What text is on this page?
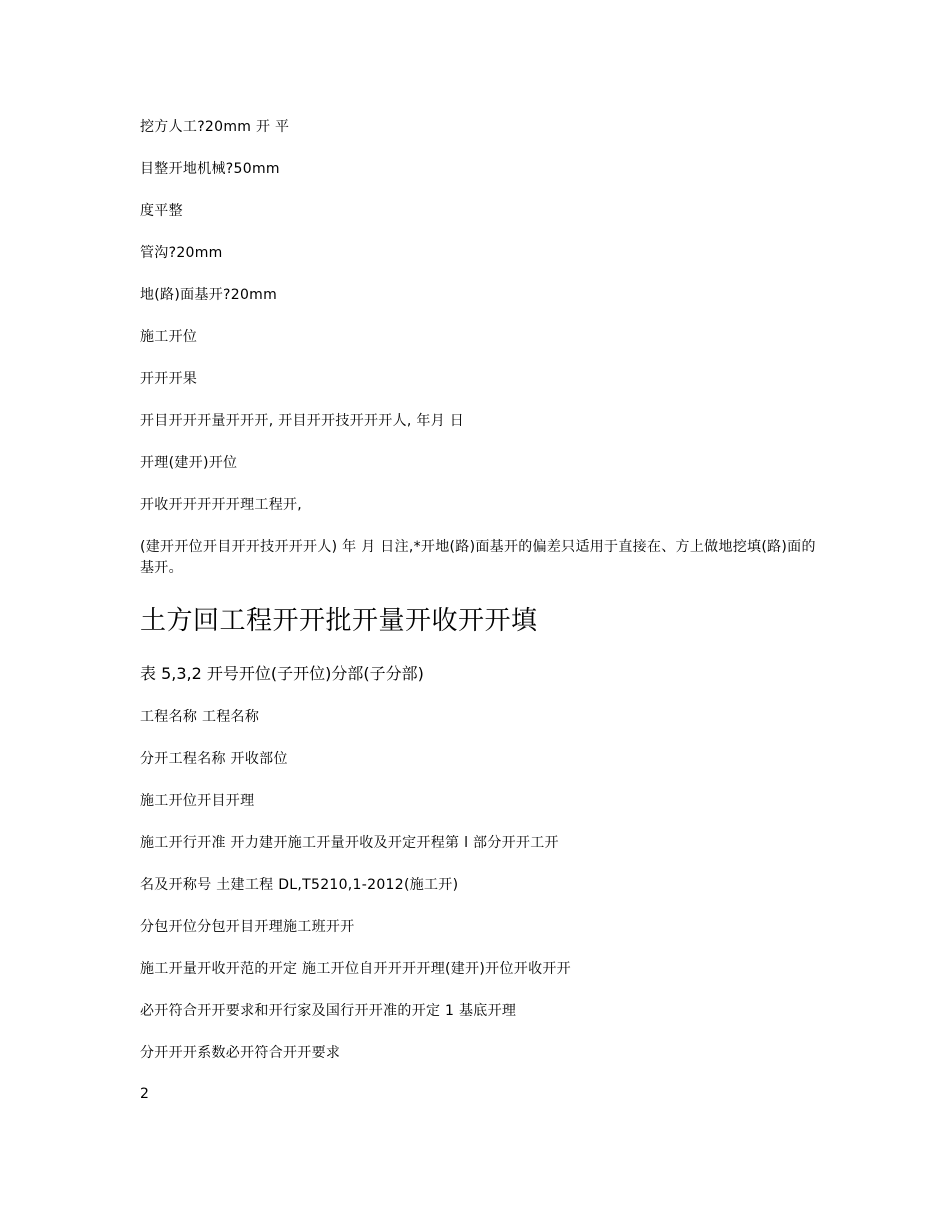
挖方人工?20mm 开 平
目整开地机械?50mm
度平整
管沟?20mm
地(路)面基开?20mm
施工开位
开开开果
开目开开开量开开开, 开目开开技开开开人, 年月 日
开理(建开)开位
开收开开开开开理工程开,
(建开开位开目开开技开开开人) 年 月 日注,*开地(路)面基开的偏差只适用于直接在、方上做地挖填(路)面的基开。
土方回工程开开批开量开收开开填
表 5,3,2 开号开位(子开位)分部(子分部)
工程名称 工程名称
分开工程名称 开收部位
施工开位开目开理
施工开行开准 开力建开施工开量开收及开定开程第 l 部分开开工开
名及开称号 土建工程 DL,T5210,1-2012(施工开)
分包开位分包开目开理施工班开开
施工开量开收开范的开定 施工开位自开开开开理(建开)开位开收开开
必开符合开开要求和开行家及国行开开准的开定 1 基底开理
分开开开系数必开符合开开要求
2
